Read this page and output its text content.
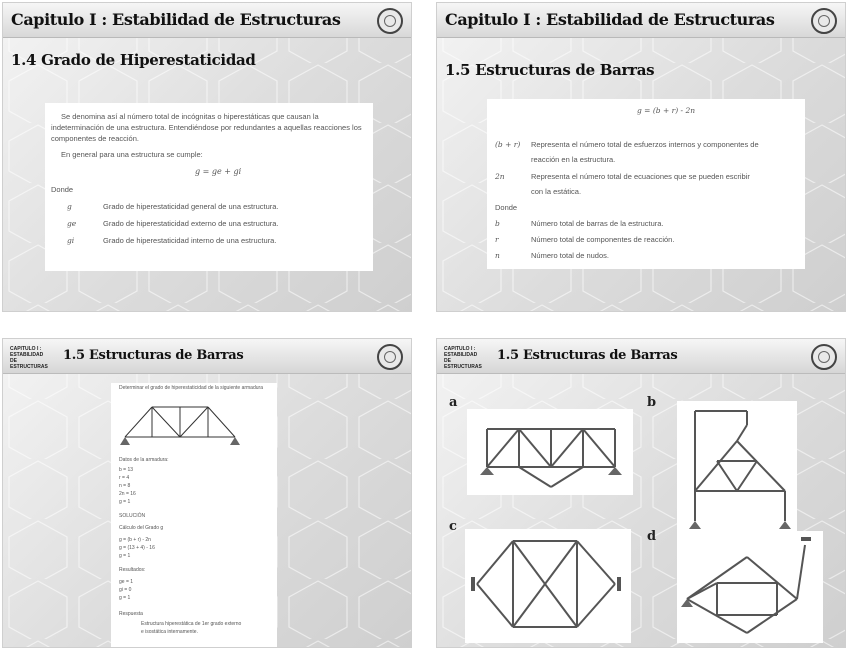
Capitulo I : Estabilidad de Estructuras
1.4 Grado de Hiperestaticidad
Se denomina así al número total de incógnitas o hiperestáticas que causan la
indeterminación de una estructura. Entendiéndose por redundantes a aquellas reacciones los
componentes de reacción.
En general para una estructura se cumple:
g = ge + gi
Donde
g	Grado de hiperestaticidad general de una estructura.
ge	Grado de hiperestaticidad externo de una estructura.
gi	Grado de hiperestaticidad interno de una estructura.
Capitulo I : Estabilidad de Estructuras
1.5 Estructuras de Barras
g = (b + r) - 2n
(b + r) Representa el número total de esfuerzos internos y componentes de
reacción en la estructura.
2n	Representa el número total de ecuaciones que se pueden escribir
con la estática.
Donde
b	Número total de barras de la estructura.
r	Número total de componentes de reacción.
n	Número total de nudos.
CAPITULO I : ESTABILIDAD DE ESTRUCTURAS
1.5 Estructuras de Barras
Determinar el grado de hiperestaticidad de la siguiente armadura
Datos de la armadura:
b = 13
r = 4
n = 8
2n = 16
g = 1
SOLUCIÓN
Cálculo del Grado g
g = (b + r) - 2n
g = (13 + 4) - 16
g = 1
Resultados:
ge = 1
gi = 0
g = 1
Respuesta
Estructura hiperestática de 1er grado externo
e isostática internamente.
CAPITULO I : ESTABILIDAD DE ESTRUCTURAS
1.5 Estructuras de Barras
a	b
c
d
